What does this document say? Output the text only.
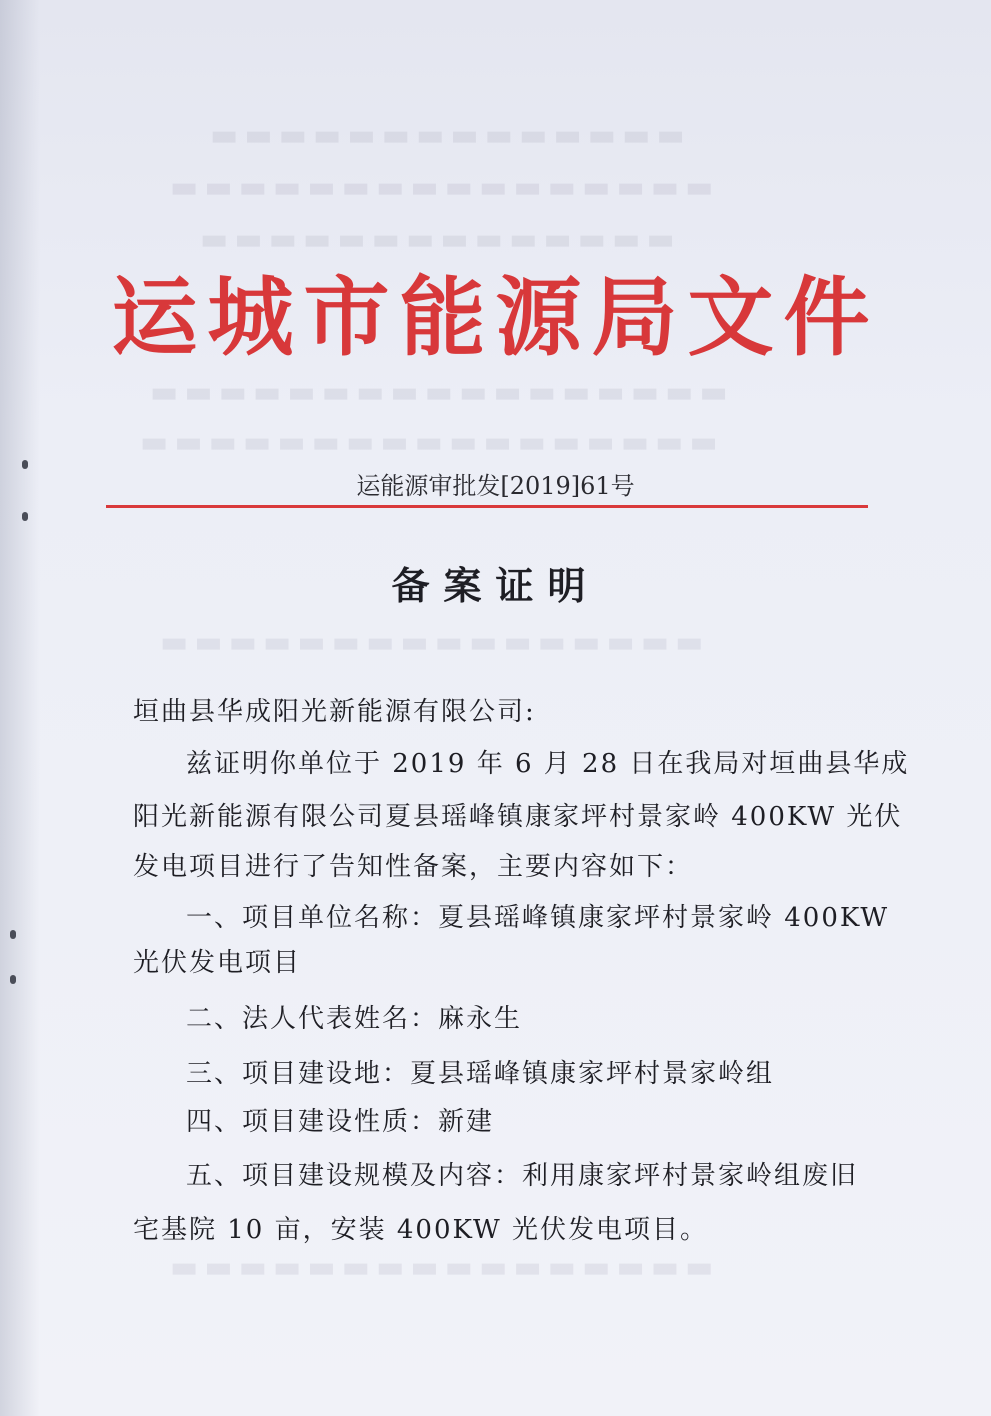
▬▬▬▬▬▬▬▬▬▬▬▬▬▬
▬▬▬▬▬▬▬▬▬▬▬▬▬▬▬▬
▬▬▬▬▬▬▬▬▬▬▬▬▬▬
▬▬▬▬▬▬▬▬▬▬▬▬▬▬▬▬▬
▬▬▬▬▬▬▬▬▬▬▬▬▬▬▬▬▬
▬▬▬▬▬▬▬▬▬▬▬▬▬▬▬▬
▬▬▬▬▬▬▬▬▬▬▬▬▬▬▬▬
运城市能源局文件
运能源审批发[2019]61号
备案证明
垣曲县华成阳光新能源有限公司:
兹证明你单位于 2019 年 6 月 28 日在我局对垣曲县华成
阳光新能源有限公司夏县瑶峰镇康家坪村景家岭 400KW 光伏
发电项目进行了告知性备案，主要内容如下：
一、项目单位名称：夏县瑶峰镇康家坪村景家岭 400KW
光伏发电项目
二、法人代表姓名：麻永生
三、项目建设地：夏县瑶峰镇康家坪村景家岭组
四、项目建设性质：新建
五、项目建设规模及内容：利用康家坪村景家岭组废旧
宅基院 10 亩，安装 400KW 光伏发电项目。
